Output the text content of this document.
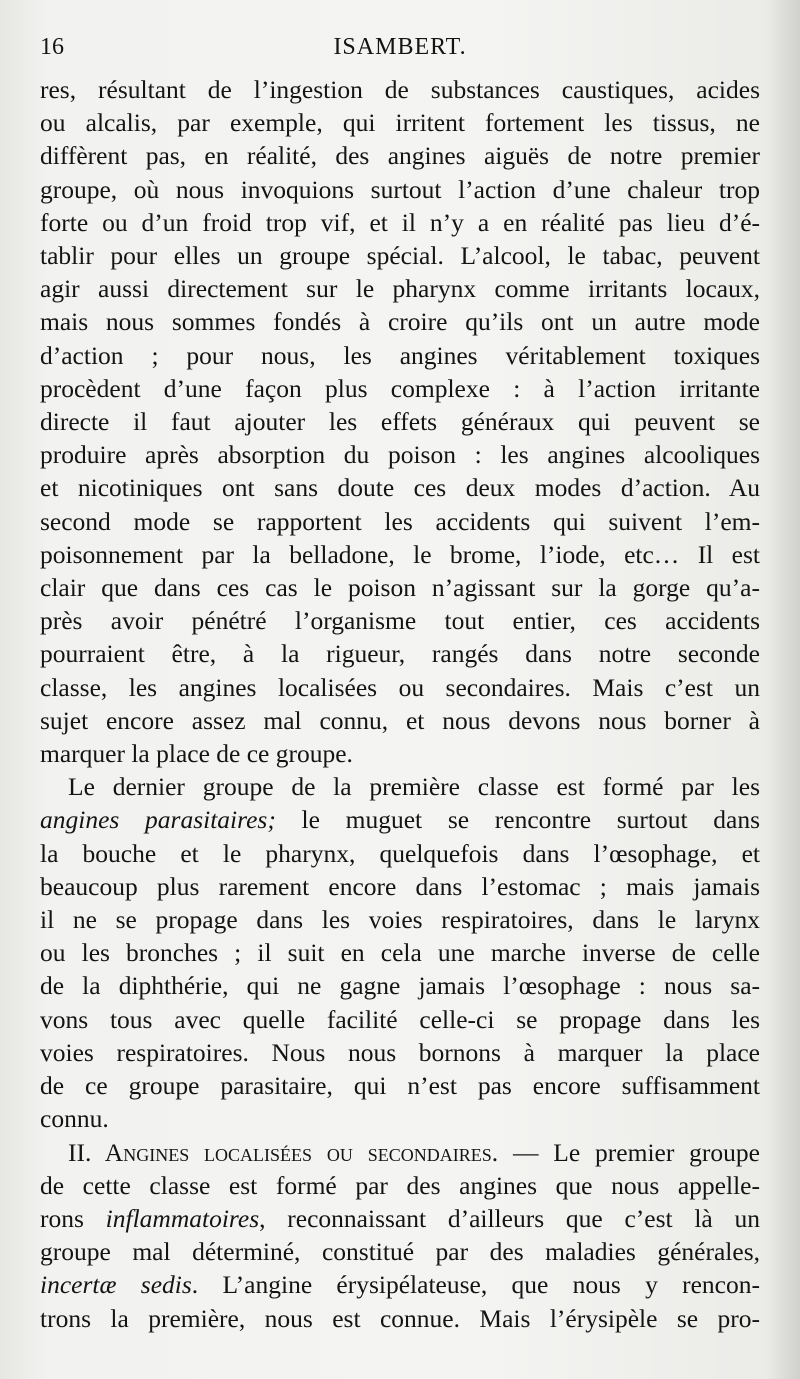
16	ISAMBERT.
res, résultant de l’ingestion de substances caustiques, acides
ou alcalis, par exemple, qui irritent fortement les tissus, ne
diffèrent pas, en réalité, des angines aiguës de notre premier
groupe, où nous invoquions surtout l’action d’une chaleur trop
forte ou d’un froid trop vif, et il n’y a en réalité pas lieu d’é-
tablir pour elles un groupe spécial. L’alcool, le tabac, peuvent
agir aussi directement sur le pharynx comme irritants locaux,
mais nous sommes fondés à croire qu’ils ont un autre mode
d’action ; pour nous, les angines véritablement toxiques
procèdent d’une façon plus complexe : à l’action irritante
directe il faut ajouter les effets généraux qui peuvent se
produire après absorption du poison : les angines alcooliques
et nicotiniques ont sans doute ces deux modes d’action. Au
second mode se rapportent les accidents qui suivent l’em-
poisonnement par la belladone, le brome, l’iode, etc… Il est
clair que dans ces cas le poison n’agissant sur la gorge qu’a-
près avoir pénétré l’organisme tout entier, ces accidents
pourraient être, à la rigueur, rangés dans notre seconde
classe, les angines localisées ou secondaires. Mais c’est un
sujet encore assez mal connu, et nous devons nous borner à
marquer la place de ce groupe.
Le dernier groupe de la première classe est formé par les
angines parasitaires; le muguet se rencontre surtout dans
la bouche et le pharynx, quelquefois dans l’œsophage, et
beaucoup plus rarement encore dans l’estomac ; mais jamais
il ne se propage dans les voies respiratoires, dans le larynx
ou les bronches ; il suit en cela une marche inverse de celle
de la diphthérie, qui ne gagne jamais l’œsophage : nous sa-
vons tous avec quelle facilité celle-ci se propage dans les
voies respiratoires. Nous nous bornons à marquer la place
de ce groupe parasitaire, qui n’est pas encore suffisamment
connu.
II. Angines localisées ou secondaires. — Le premier groupe
de cette classe est formé par des angines que nous appelle-
rons inflammatoires, reconnaissant d’ailleurs que c’est là un
groupe mal déterminé, constitué par des maladies générales,
incertæ sedis. L’angine érysipélateuse, que nous y rencon-
trons la première, nous est connue. Mais l’érysipèle se pro-
